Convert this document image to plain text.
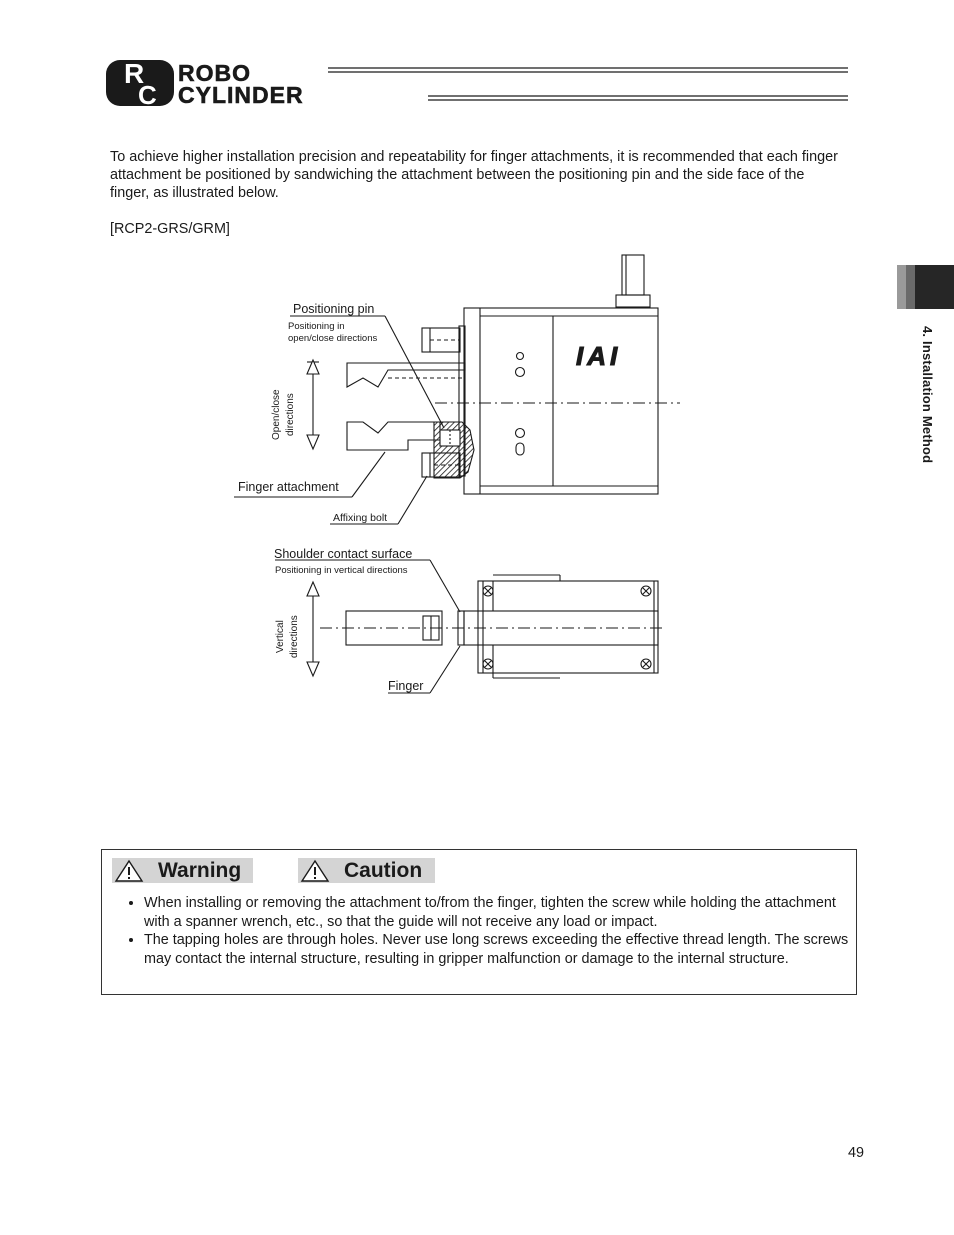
R
C
ROBO
CYLINDER
4. Installation Method

To achieve higher installation precision and repeatability for finger attachments, it is recommended that each finger attachment be positioned by sandwiching the attachment between the positioning pin and the side face of the finger, as illustrated below.

[RCP2-GRS/GRM]
IAI
Positioning pin
Positioning in
open/close directions
Open/close directions
Finger attachment
Affixing bolt
Shoulder contact surface
Positioning in vertical directions
Vertical directions
Finger
Warning	Caution
• When installing or removing the attachment to/from the finger, tighten the screw while holding the attachment with a spanner wrench, etc., so that the guide will not receive any load or impact.
• The tapping holes are through holes. Never use long screws exceeding the effective thread length. The screws may contact the internal structure, resulting in gripper malfunction or damage to the internal structure.
49
